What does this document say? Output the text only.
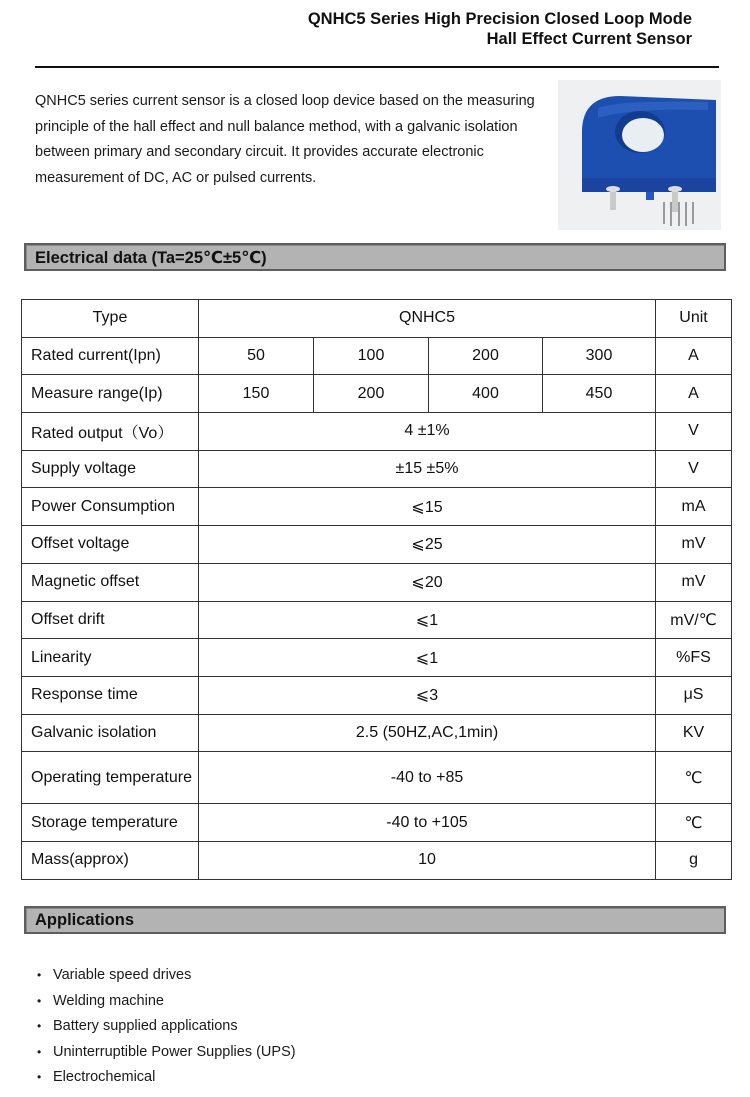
QNHC5 Series High Precision Closed Loop Mode
Hall Effect Current Sensor
QNHC5 series current sensor is a closed loop device based on the measuring principle of the hall effect and null balance method, with a galvanic isolation between primary and secondary circuit. It provides accurate electronic measurement of DC, AC or pulsed currents.
Electrical data (Ta=25℃±5℃)
Type	QNHC5				Unit
Rated current(Ipn)	50	100	200	300	A
Measure range(Ip)	150	200	400	450	A
Rated output（Vo）	4 ±1%				V
Supply voltage	±15 ±5%				V
Power Consumption	⩽15				mA
Offset voltage	⩽25				mV
Magnetic offset	⩽20				mV
Offset drift	⩽1				mV/℃
Linearity	⩽1				%FS
Response time	⩽3				μS
Galvanic isolation	2.5 (50HZ,AC,1min)				KV
Operating temperature	-40 to +85				℃
Storage temperature	-40 to +105				℃
Mass(approx)	10				g
Applications
• Variable speed drives
• Welding machine
• Battery supplied applications
• Uninterruptible Power Supplies (UPS)
• Electrochemical
